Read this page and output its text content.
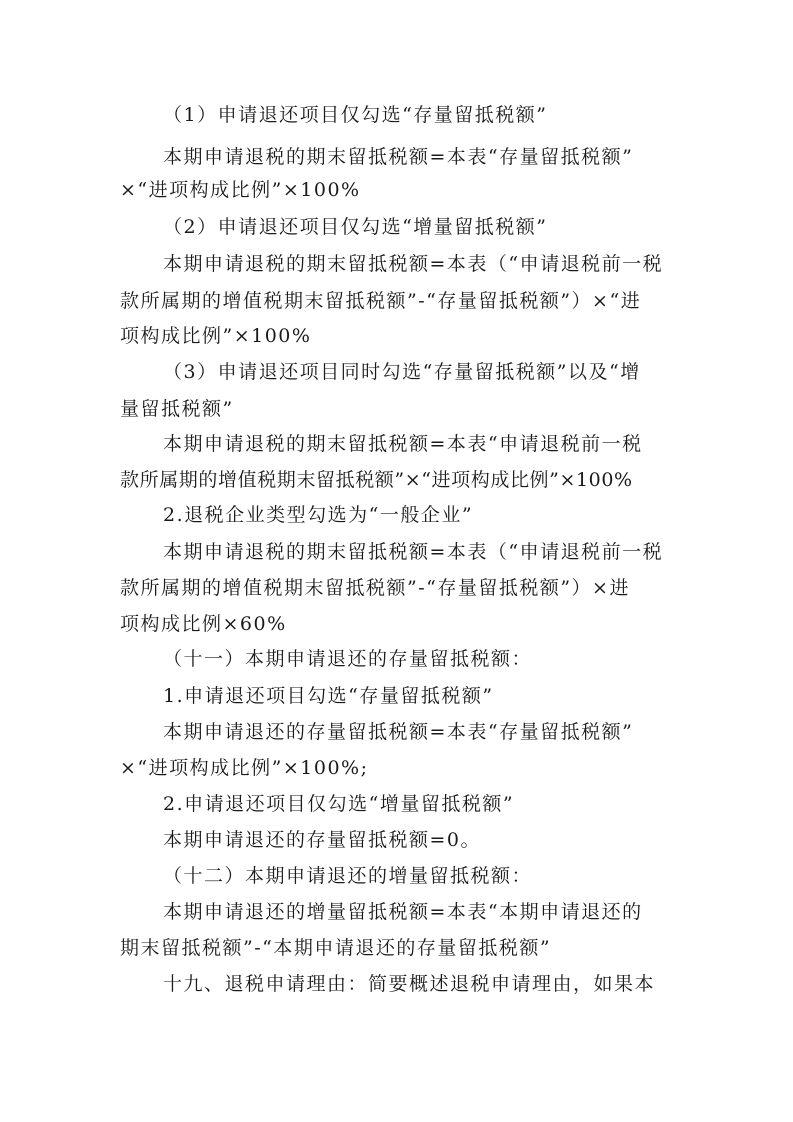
（1）申请退还项目仅勾选“存量留抵税额”
本期申请退税的期末留抵税额=本表“存量留抵税额”
×“进项构成比例”×100%
（2）申请退还项目仅勾选“增量留抵税额”
本期申请退税的期末留抵税额=本表（“申请退税前一税
款所属期的增值税期末留抵税额”-“存量留抵税额”）×“进
项构成比例”×100%
（3）申请退还项目同时勾选“存量留抵税额”以及“增
量留抵税额”
本期申请退税的期末留抵税额=本表“申请退税前一税
款所属期的增值税期末留抵税额”×“进项构成比例”×100%
2.退税企业类型勾选为“一般企业”
本期申请退税的期末留抵税额=本表（“申请退税前一税
款所属期的增值税期末留抵税额”-“存量留抵税额”）×进
项构成比例×60%
（十一）本期申请退还的存量留抵税额：
1.申请退还项目勾选“存量留抵税额”
本期申请退还的存量留抵税额=本表“存量留抵税额”
×“进项构成比例”×100%;
2.申请退还项目仅勾选“增量留抵税额”
本期申请退还的存量留抵税额=0。
（十二）本期申请退还的增量留抵税额：
本期申请退还的增量留抵税额=本表“本期申请退还的
期末留抵税额”-“本期申请退还的存量留抵税额”
十九、退税申请理由：简要概述退税申请理由，如果本
